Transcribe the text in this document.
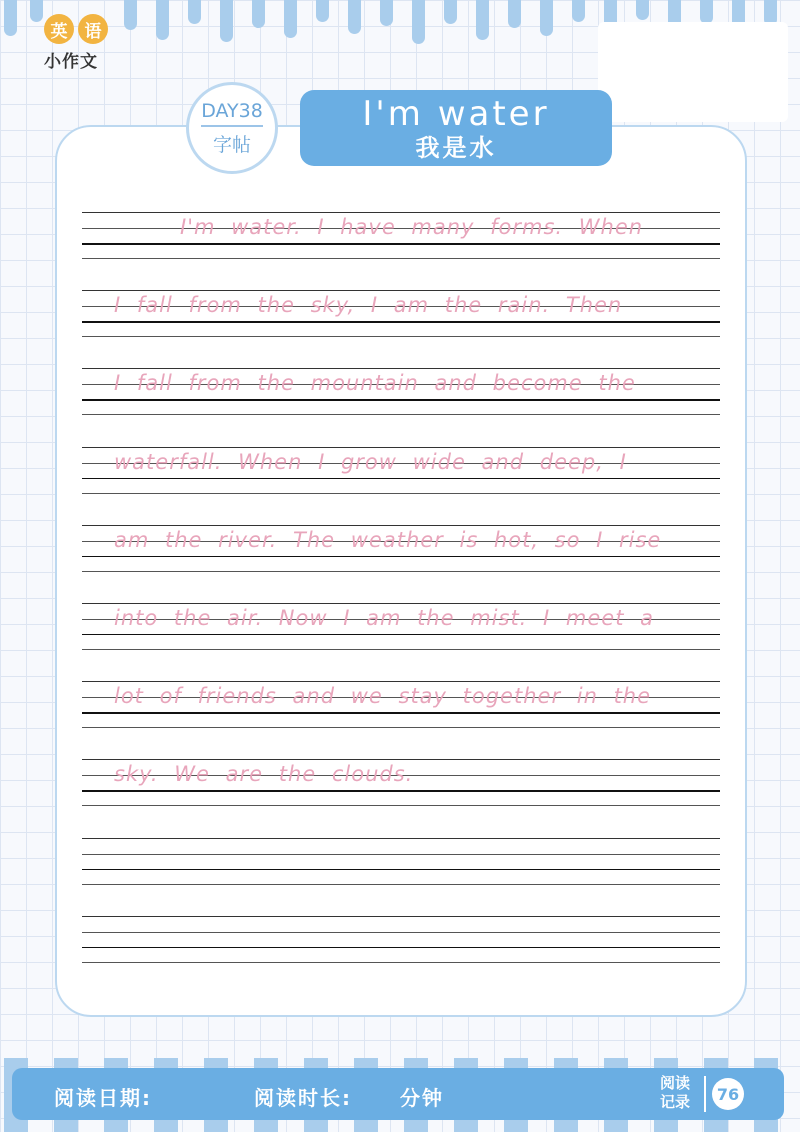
英	语
小作文
DAY38
字帖
I'm water
我是水
I'm water. I have many forms. When
I fall from the sky, I am the rain. Then
I fall from the mountain and become the
waterfall. When I grow wide and deep, I
am the river. The weather is hot, so I rise
into the air. Now I am the mist. I meet a
lot of friends and we stay together in the
sky. We are the clouds.
阅读日期:	阅读时长: 分钟
阅读
记录	76
